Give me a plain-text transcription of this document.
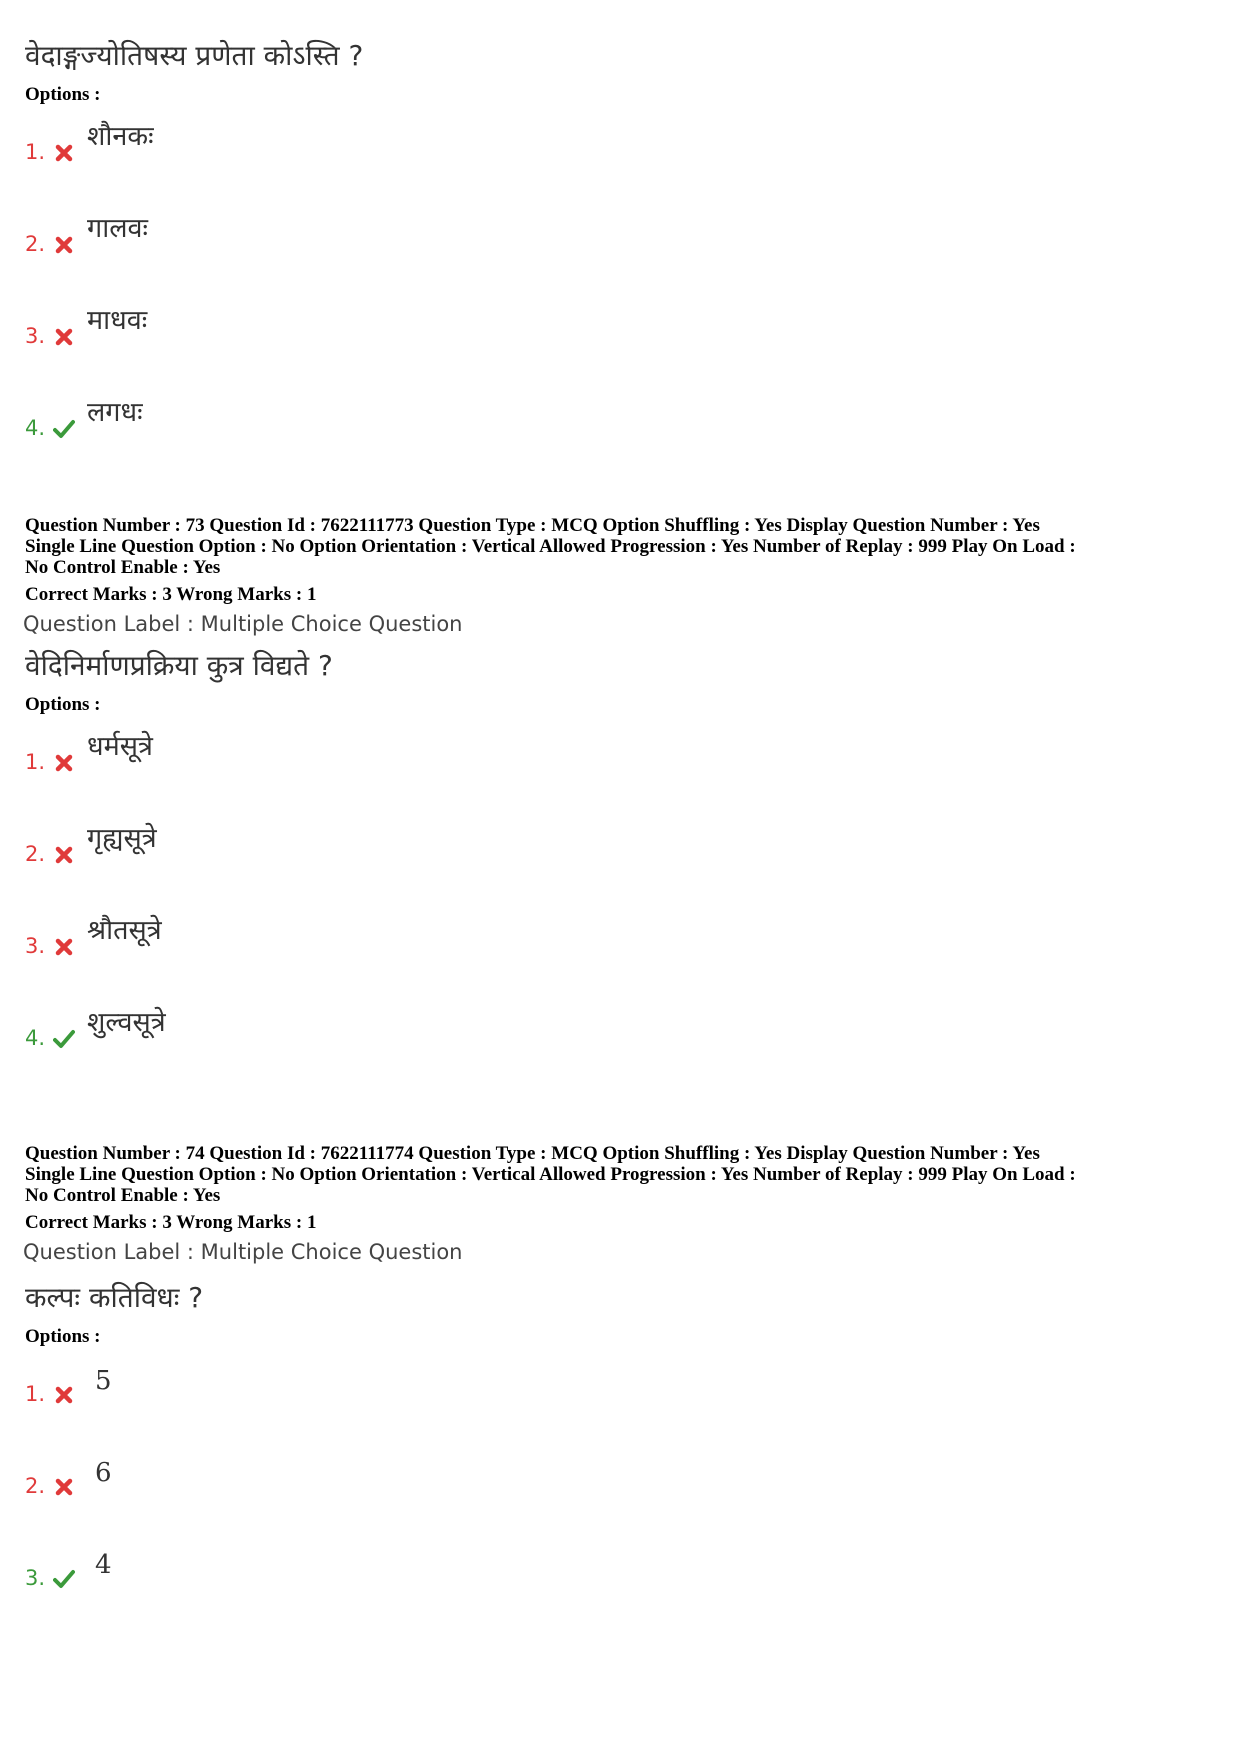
वेदाङ्गज्योतिषस्य प्रणेता कोऽस्ति ?
Options :
1. शौनकः
2. गालवः
3. माधवः
4. लगधः
Question Number : 73 Question Id : 7622111773 Question Type : MCQ Option Shuffling : Yes Display Question Number : Yes
Single Line Question Option : No Option Orientation : Vertical Allowed Progression : Yes Number of Replay : 999 Play On Load :
No Control Enable : Yes
Correct Marks : 3 Wrong Marks : 1
Question Label : Multiple Choice Question
वेदिनिर्माणप्रक्रिया कुत्र विद्यते ?
Options :
1. धर्मसूत्रे
2. गृह्यसूत्रे
3. श्रौतसूत्रे
4. शुल्वसूत्रे
Question Number : 74 Question Id : 7622111774 Question Type : MCQ Option Shuffling : Yes Display Question Number : Yes
Single Line Question Option : No Option Orientation : Vertical Allowed Progression : Yes Number of Replay : 999 Play On Load :
No Control Enable : Yes
Correct Marks : 3 Wrong Marks : 1
Question Label : Multiple Choice Question
कल्पः कतिविधः ?
Options :
1. 5
2. 6
3. 4
